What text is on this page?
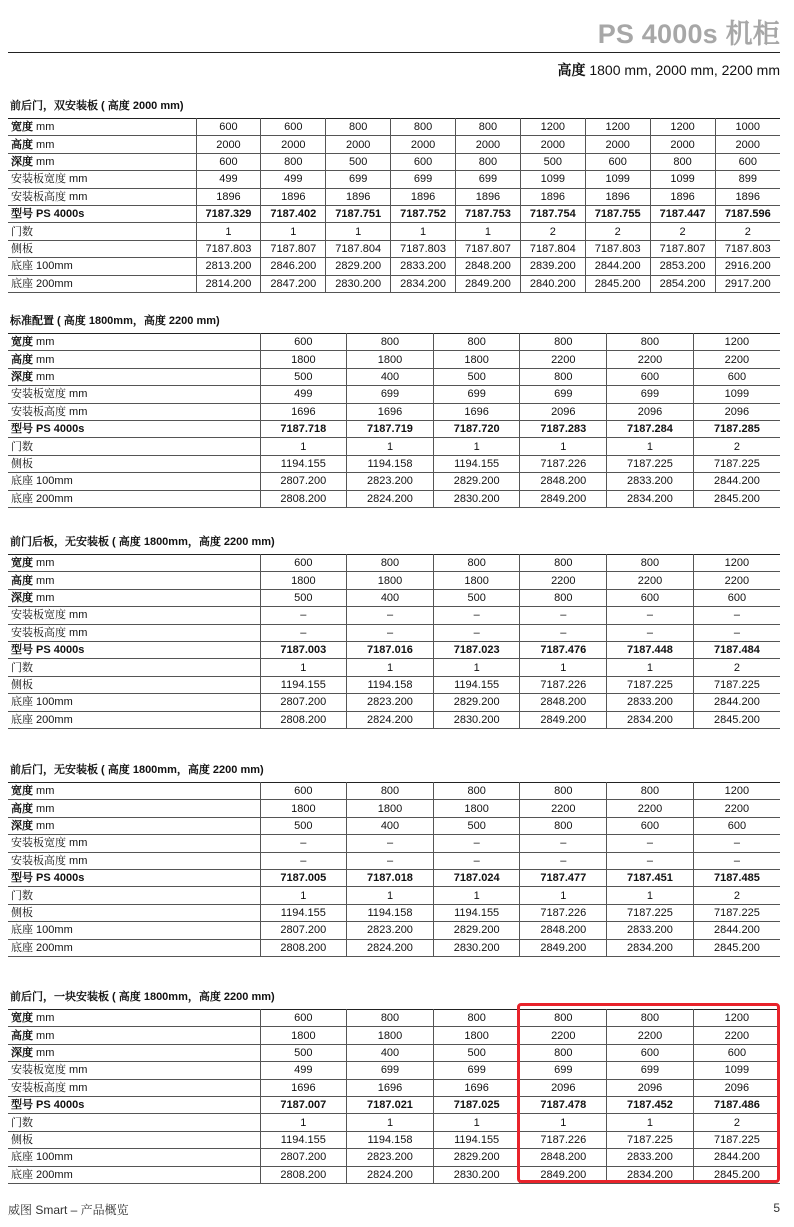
PS 4000s 机柜
高度 1800 mm, 2000 mm, 2200 mm
前后门，双安装板 ( 高度 2000 mm)
宽度 mm	600	600	800	800	800	1200	1200	1200	1000
高度 mm	2000	2000	2000	2000	2000	2000	2000	2000	2000
深度 mm	600	800	500	600	800	500	600	800	600
安装板宽度 mm	499	499	699	699	699	1099	1099	1099	899
安装板高度 mm	1896	1896	1896	1896	1896	1896	1896	1896	1896
型号 PS 4000s	7187.329	7187.402	7187.751	7187.752	7187.753	7187.754	7187.755	7187.447	7187.596
门数	1	1	1	1	1	2	2	2	2
侧板	7187.803	7187.807	7187.804	7187.803	7187.807	7187.804	7187.803	7187.807	7187.803
底座 100mm	2813.200	2846.200	2829.200	2833.200	2848.200	2839.200	2844.200	2853.200	2916.200
底座 200mm	2814.200	2847.200	2830.200	2834.200	2849.200	2840.200	2845.200	2854.200	2917.200
标准配置 ( 高度 1800mm，高度 2200 mm)
宽度 mm	600	800	800	800	800	1200
高度 mm	1800	1800	1800	2200	2200	2200
深度 mm	500	400	500	800	600	600
安装板宽度 mm	499	699	699	699	699	1099
安装板高度 mm	1696	1696	1696	2096	2096	2096
型号 PS 4000s	7187.718	7187.719	7187.720	7187.283	7187.284	7187.285
门数	1	1	1	1	1	2
侧板	1194.155	1194.158	1194.155	7187.226	7187.225	7187.225
底座 100mm	2807.200	2823.200	2829.200	2848.200	2833.200	2844.200
底座 200mm	2808.200	2824.200	2830.200	2849.200	2834.200	2845.200
前门后板，无安装板 ( 高度 1800mm，高度 2200 mm)
宽度 mm	600	800	800	800	800	1200
高度 mm	1800	1800	1800	2200	2200	2200
深度 mm	500	400	500	800	600	600
安装板宽度 mm	–	–	–	–	–	–
安装板高度 mm	–	–	–	–	–	–
型号 PS 4000s	7187.003	7187.016	7187.023	7187.476	7187.448	7187.484
门数	1	1	1	1	1	2
侧板	1194.155	1194.158	1194.155	7187.226	7187.225	7187.225
底座 100mm	2807.200	2823.200	2829.200	2848.200	2833.200	2844.200
底座 200mm	2808.200	2824.200	2830.200	2849.200	2834.200	2845.200
前后门，无安装板 ( 高度 1800mm，高度 2200 mm)
宽度 mm	600	800	800	800	800	1200
高度 mm	1800	1800	1800	2200	2200	2200
深度 mm	500	400	500	800	600	600
安装板宽度 mm	–	–	–	–	–	–
安装板高度 mm	–	–	–	–	–	–
型号 PS 4000s	7187.005	7187.018	7187.024	7187.477	7187.451	7187.485
门数	1	1	1	1	1	2
侧板	1194.155	1194.158	1194.155	7187.226	7187.225	7187.225
底座 100mm	2807.200	2823.200	2829.200	2848.200	2833.200	2844.200
底座 200mm	2808.200	2824.200	2830.200	2849.200	2834.200	2845.200
前后门，一块安装板 ( 高度 1800mm，高度 2200 mm)
宽度 mm	600	800	800	800	800	1200
高度 mm	1800	1800	1800	2200	2200	2200
深度 mm	500	400	500	800	600	600
安装板宽度 mm	499	699	699	699	699	1099
安装板高度 mm	1696	1696	1696	2096	2096	2096
型号 PS 4000s	7187.007	7187.021	7187.025	7187.478	7187.452	7187.486
门数	1	1	1	1	1	2
侧板	1194.155	1194.158	1194.155	7187.226	7187.225	7187.225
底座 100mm	2807.200	2823.200	2829.200	2848.200	2833.200	2844.200
底座 200mm	2808.200	2824.200	2830.200	2849.200	2834.200	2845.200
威图 Smart – 产品概览	5
